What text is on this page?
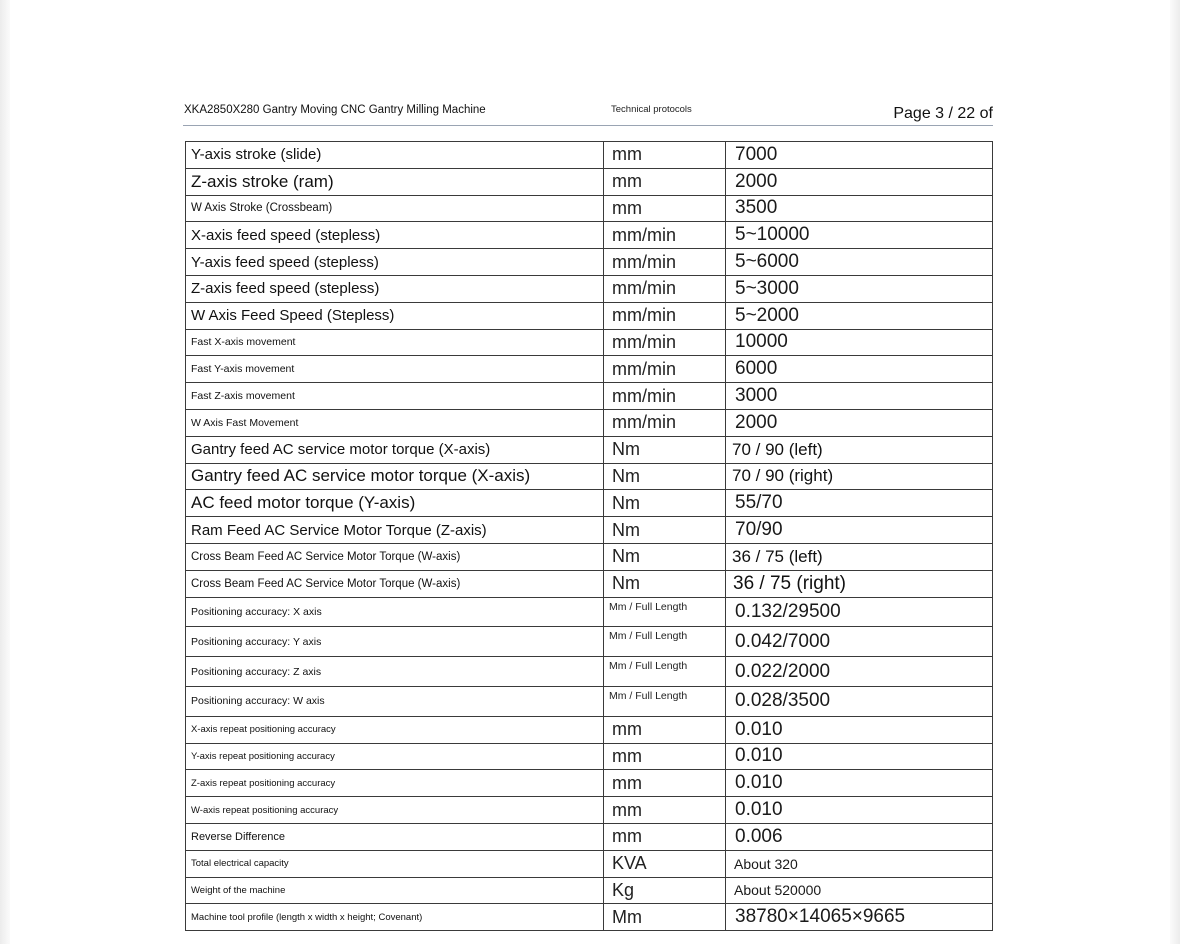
XKA2850X280 Gantry Moving CNC Gantry Milling Machine	Technical protocols	Page 3 / 22 of
Y-axis stroke (slide)	mm	7000
Z-axis stroke (ram)	mm	2000
W Axis Stroke (Crossbeam)	mm	3500
X-axis feed speed (stepless)	mm/min	5~10000
Y-axis feed speed (stepless)	mm/min	5~6000
Z-axis feed speed (stepless)	mm/min	5~3000
W Axis Feed Speed (Stepless)	mm/min	5~2000
Fast X-axis movement	mm/min	10000
Fast Y-axis movement	mm/min	6000
Fast Z-axis movement	mm/min	3000
W Axis Fast Movement	mm/min	2000
Gantry feed AC service motor torque (X-axis)	Nm	70 / 90 (left)
Gantry feed AC service motor torque (X-axis)	Nm	70 / 90 (right)
AC feed motor torque (Y-axis)	Nm	55/70
Ram Feed AC Service Motor Torque (Z-axis)	Nm	70/90
Cross Beam Feed AC Service Motor Torque (W-axis)	Nm	36 / 75 (left)
Cross Beam Feed AC Service Motor Torque (W-axis)	Nm	36 / 75 (right)
Positioning accuracy: X axis	Mm / Full Length	0.132/29500
Positioning accuracy: Y axis	Mm / Full Length	0.042/7000
Positioning accuracy: Z axis	Mm / Full Length	0.022/2000
Positioning accuracy: W axis	Mm / Full Length	0.028/3500
X-axis repeat positioning accuracy	mm	0.010
Y-axis repeat positioning accuracy	mm	0.010
Z-axis repeat positioning accuracy	mm	0.010
W-axis repeat positioning accuracy	mm	0.010
Reverse Difference	mm	0.006
Total electrical capacity	KVA	About 320
Weight of the machine	Kg	About 520000
Machine tool profile (length x width x height; Covenant)	Mm	38780×14065×9665
